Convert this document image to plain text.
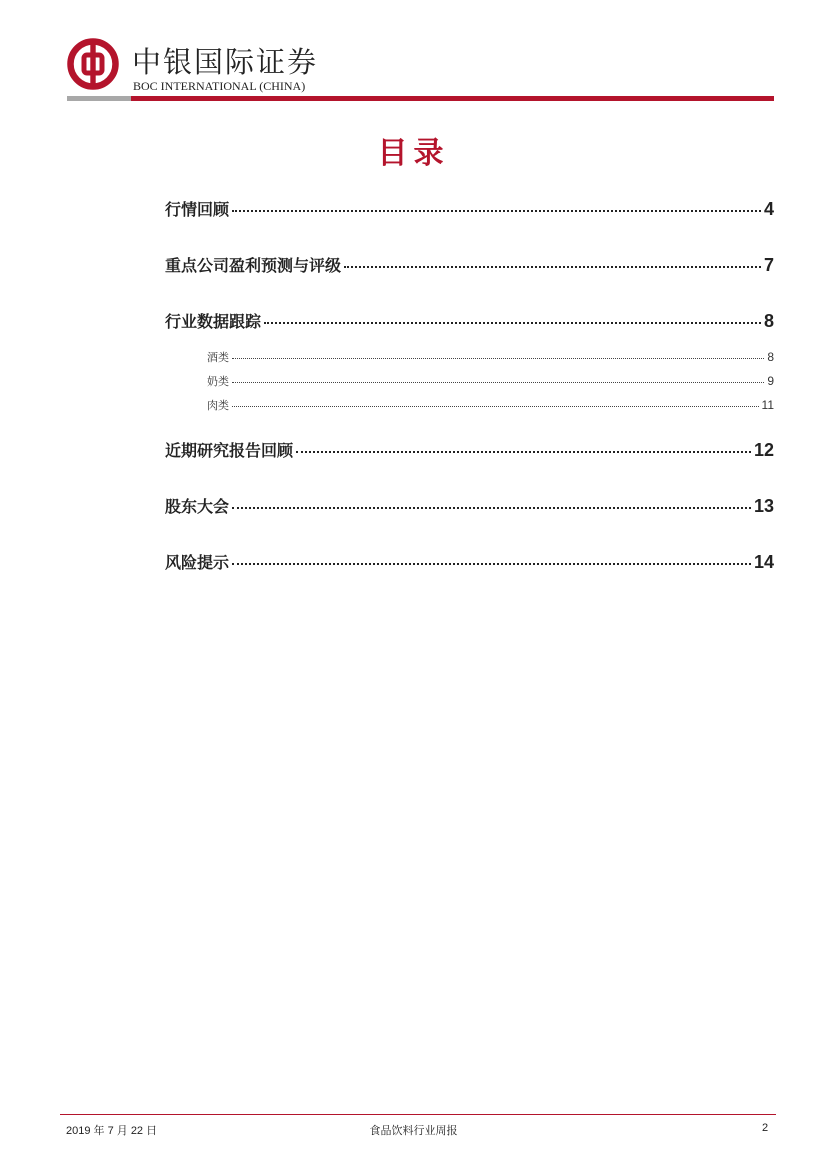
中银国际证券
BOC INTERNATIONAL (CHINA)
目录
行情回顾	4
重点公司盈利预测与评级	7
行业数据跟踪	8
酒类	8
奶类	9
肉类	11
近期研究报告回顾	12
股东大会	13
风险提示	14
2019 年 7 月 22 日	食品饮料行业周报	2
